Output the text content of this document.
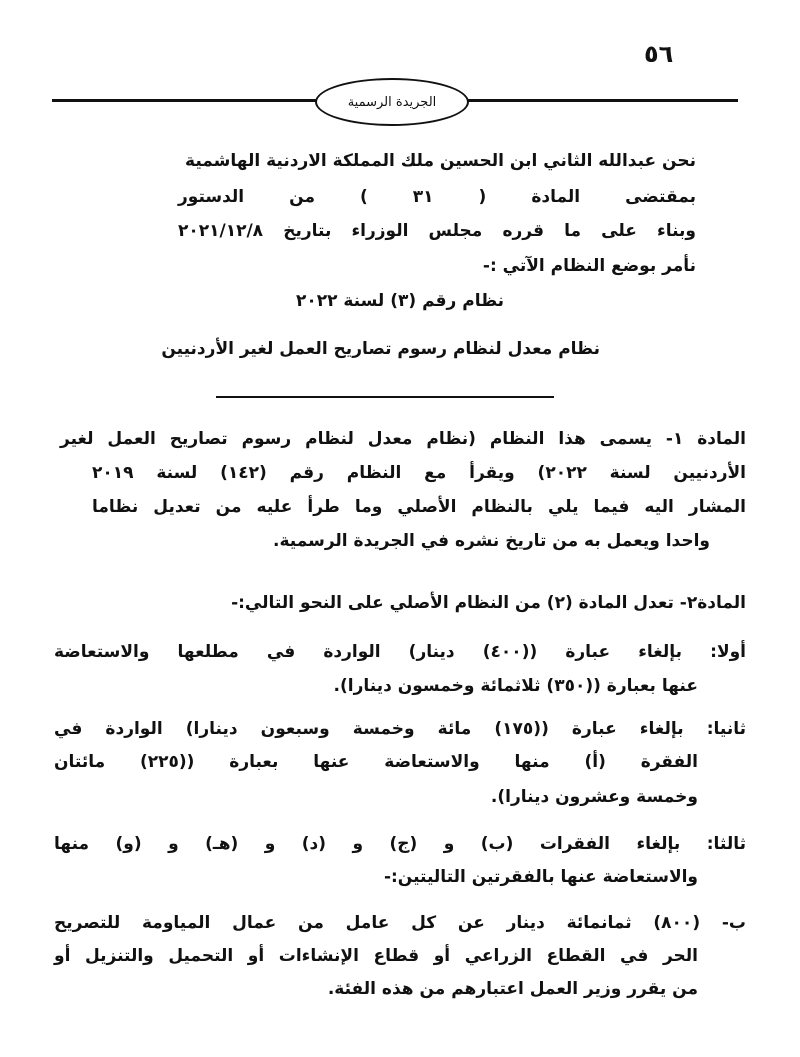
٥٦
الجريدة الرسمية
نحن عبدالله الثاني ابن الحسين ملك المملكة الاردنية الهاشمية
بمقتضى المادة ( ٣١ ) من الدستور
وبناء على ما قرره مجلس الوزراء بتاريخ ٢٠٢١/١٢/٨
نأمر بوضع النظام الآتي :-
نظام رقم (٣) لسنة ٢٠٢٢
نظام معدل لنظام رسوم تصاريح العمل لغير الأردنيين
المادة ١- يسمى هذا النظام (نظام معدل لنظام رسوم تصاريح العمل لغير
الأردنيين لسنة ٢٠٢٢) ويقرأ مع النظام رقم (١٤٢) لسنة ٢٠١٩
المشار اليه فيما يلي بالنظام الأصلي وما طرأ عليه من تعديل نظاما
واحدا ويعمل به من تاريخ نشره في الجريدة الرسمية.
المادة٢- تعدل المادة (٢) من النظام الأصلي على النحو التالي:-
أولا: بإلغاء عبارة ((٤٠٠) دينار) الواردة في مطلعها والاستعاضة
عنها بعبارة ((٣٥٠) ثلاثمائة وخمسون دينارا).
ثانيا: بإلغاء عبارة ((١٧٥) مائة وخمسة وسبعون دينارا) الواردة في
الفقرة (أ) منها والاستعاضة عنها بعبارة ((٢٢٥) مائتان
وخمسة وعشرون دينارا).
ثالثا: بإلغاء الفقرات (ب) و (ج) و (د) و (هـ) و (و) منها
والاستعاضة عنها بالفقرتين التاليتين:-
ب- (٨٠٠) ثمانمائة دينار عن كل عامل من عمال المياومة للتصريح
الحر في القطاع الزراعي أو قطاع الإنشاءات أو التحميل والتنزيل أو
من يقرر وزير العمل اعتبارهم من هذه الفئة.
